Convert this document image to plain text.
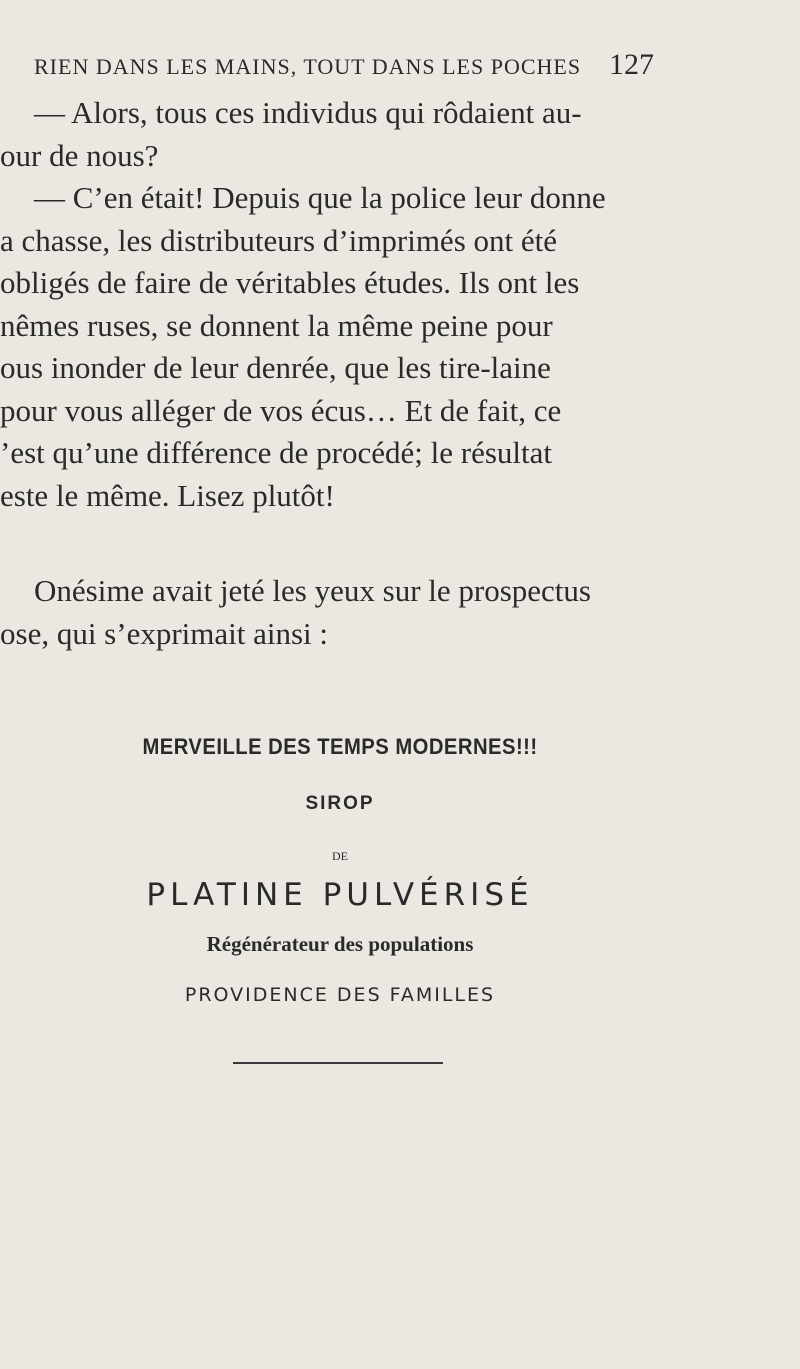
RIEN DANS LES MAINS, TOUT DANS LES POCHES 127
— Alors, tous ces individus qui rôdaient au-
our de nous?
— C’en était! Depuis que la police leur donne
a chasse, les distributeurs d’imprimés ont été
obligés de faire de véritables études. Ils ont les
nêmes ruses, se donnent la même peine pour
ous inonder de leur denrée, que les tire-laine
pour vous alléger de vos écus… Et de fait, ce
’est qu’une différence de procédé; le résultat
este le même. Lisez plutôt!
Onésime avait jeté les yeux sur le prospectus
ose, qui s’exprimait ainsi :
MERVEILLE DES TEMPS MODERNES!!!
SIROP
DE
PLATINE PULVÉRISÉ
Régénérateur des populations
PROVIDENCE DES FAMILLES
